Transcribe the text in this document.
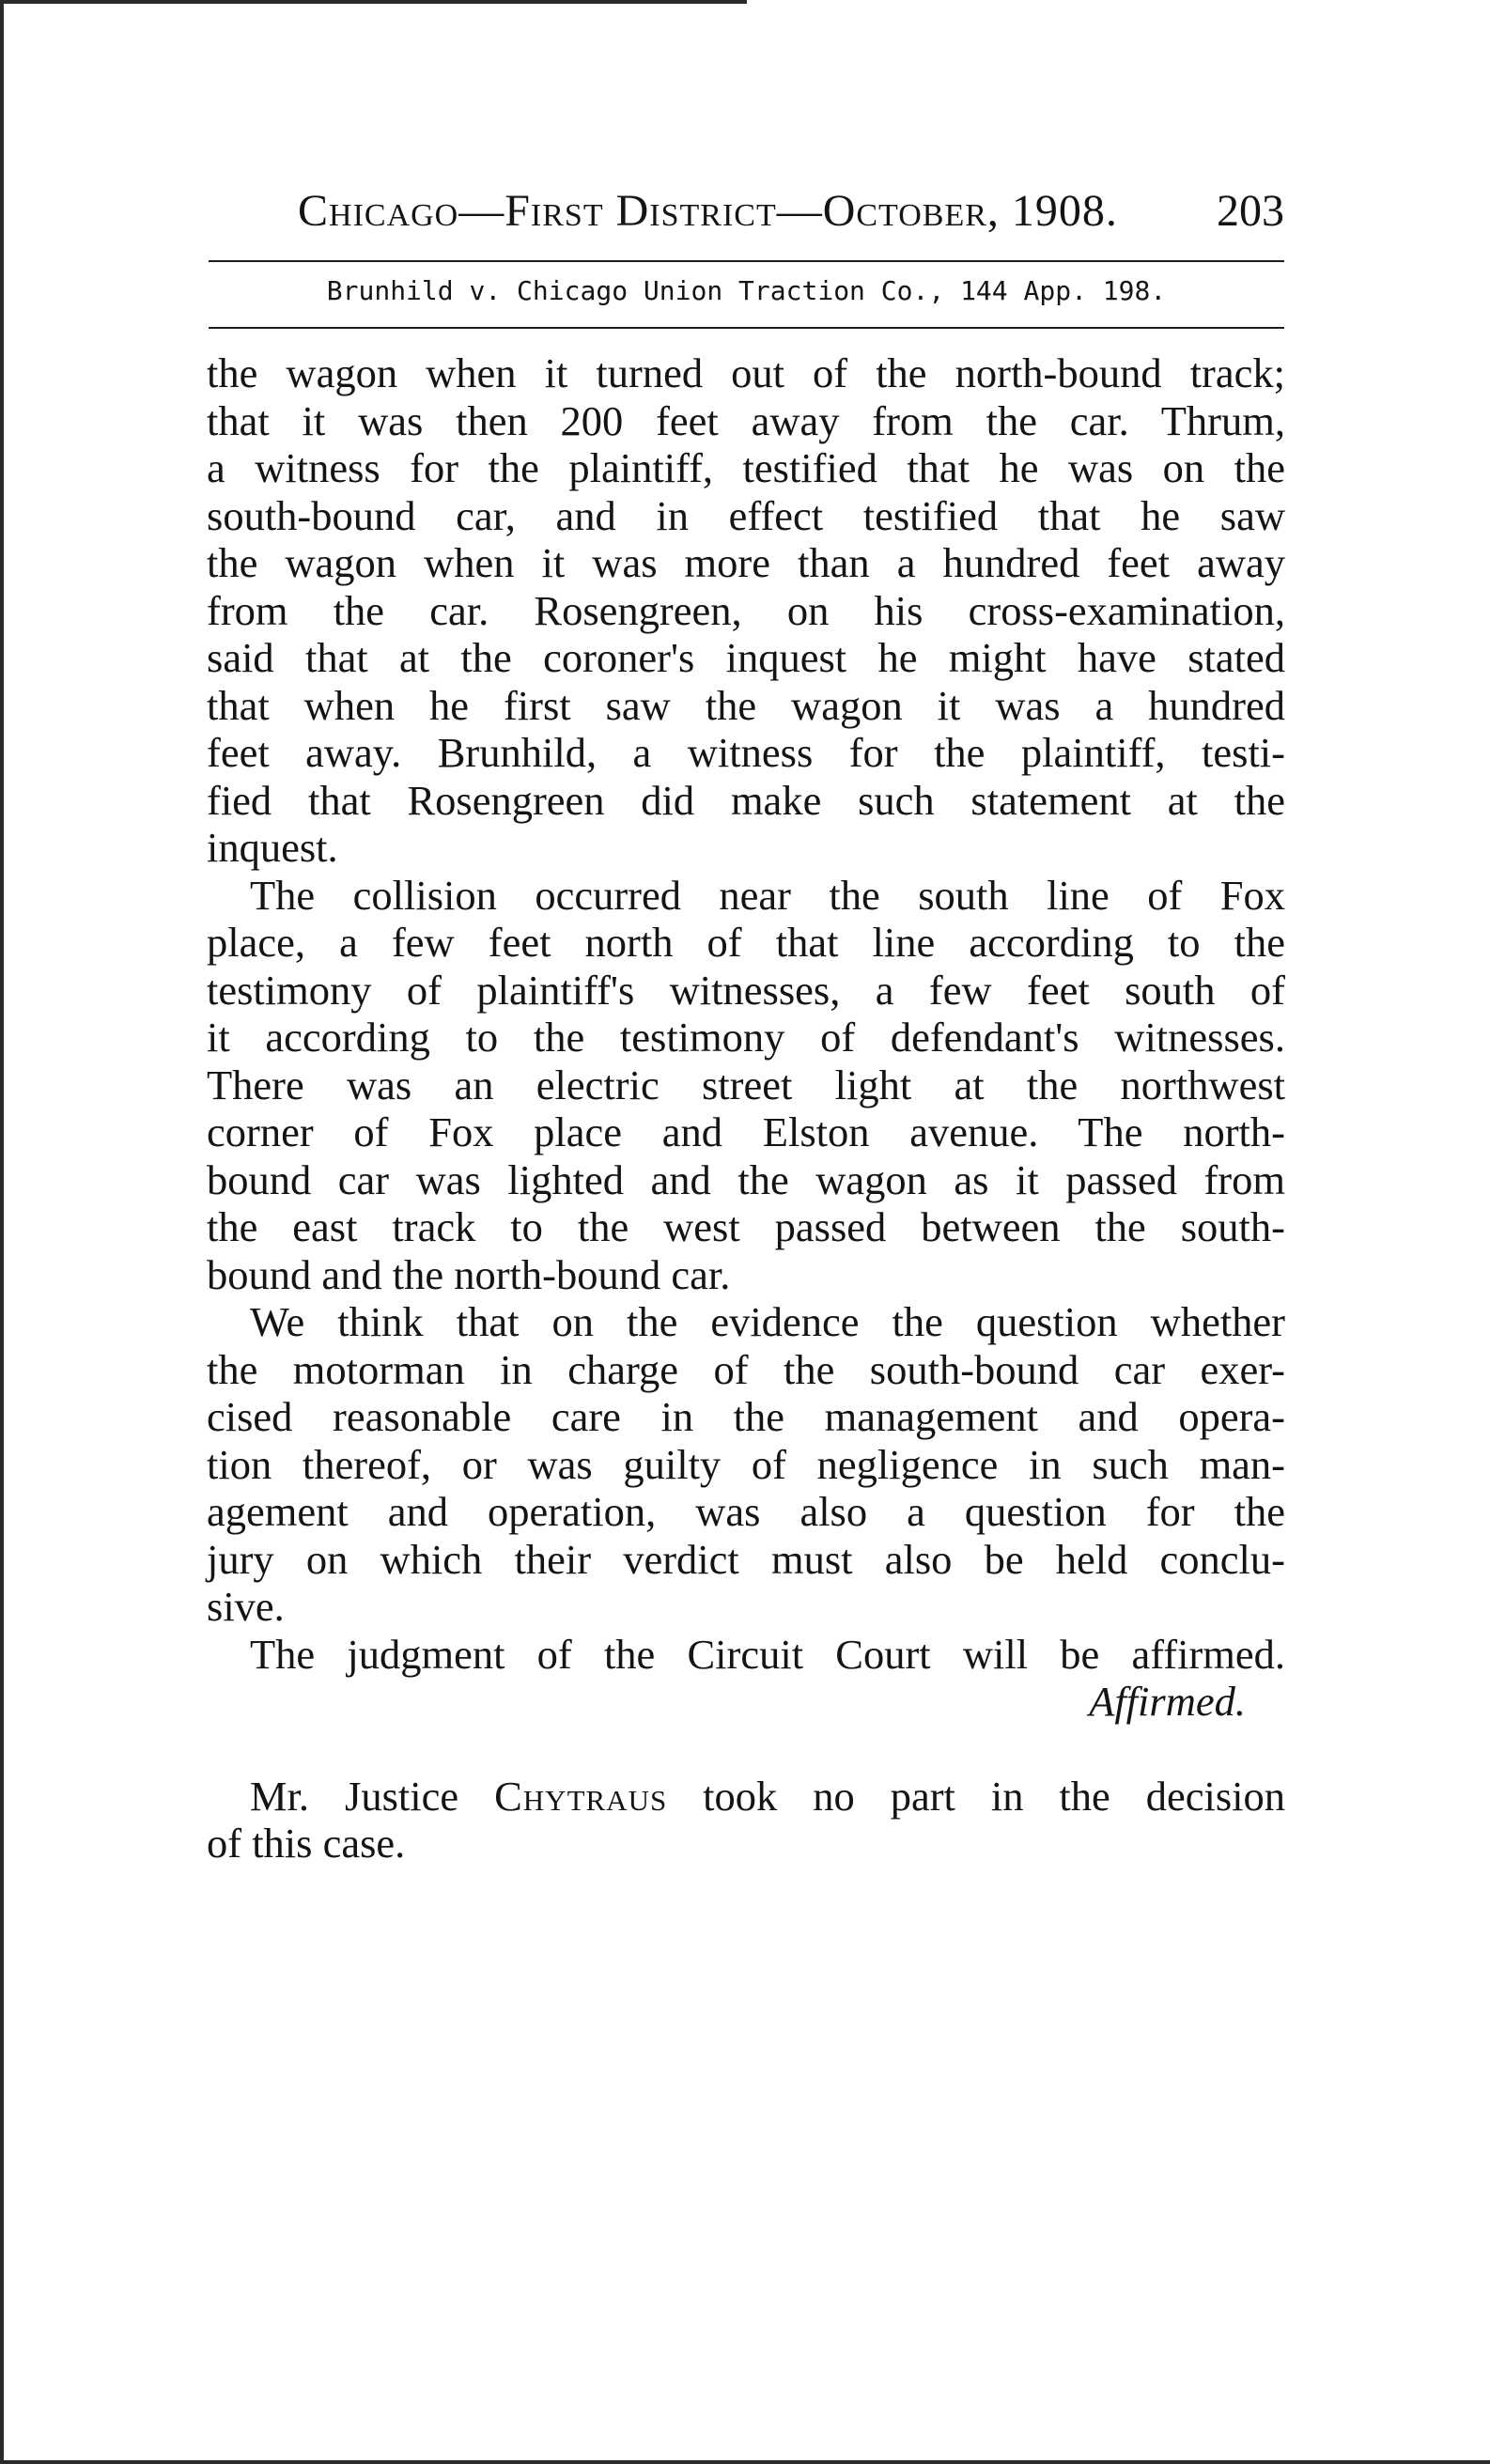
Chicago—First District—October, 1908. 203
Brunhild v. Chicago Union Traction Co., 144 App. 198.
the wagon when it turned out of the north-bound track;
that it was then 200 feet away from the car. Thrum,
a witness for the plaintiff, testified that he was on the
south-bound car, and in effect testified that he saw
the wagon when it was more than a hundred feet away
from the car. Rosengreen, on his cross-examination,
said that at the coroner's inquest he might have stated
that when he first saw the wagon it was a hundred
feet away. Brunhild, a witness for the plaintiff, testi-
fied that Rosengreen did make such statement at the
inquest.
The collision occurred near the south line of Fox
place, a few feet north of that line according to the
testimony of plaintiff's witnesses, a few feet south of
it according to the testimony of defendant's witnesses.
There was an electric street light at the northwest
corner of Fox place and Elston avenue. The north-
bound car was lighted and the wagon as it passed from
the east track to the west passed between the south-
bound and the north-bound car.
We think that on the evidence the question whether
the motorman in charge of the south-bound car exer-
cised reasonable care in the management and opera-
tion thereof, or was guilty of negligence in such man-
agement and operation, was also a question for the
jury on which their verdict must also be held conclu-
sive.
The judgment of the Circuit Court will be affirmed.
Affirmed.
Mr. Justice Chytraus took no part in the decision
of this case.
